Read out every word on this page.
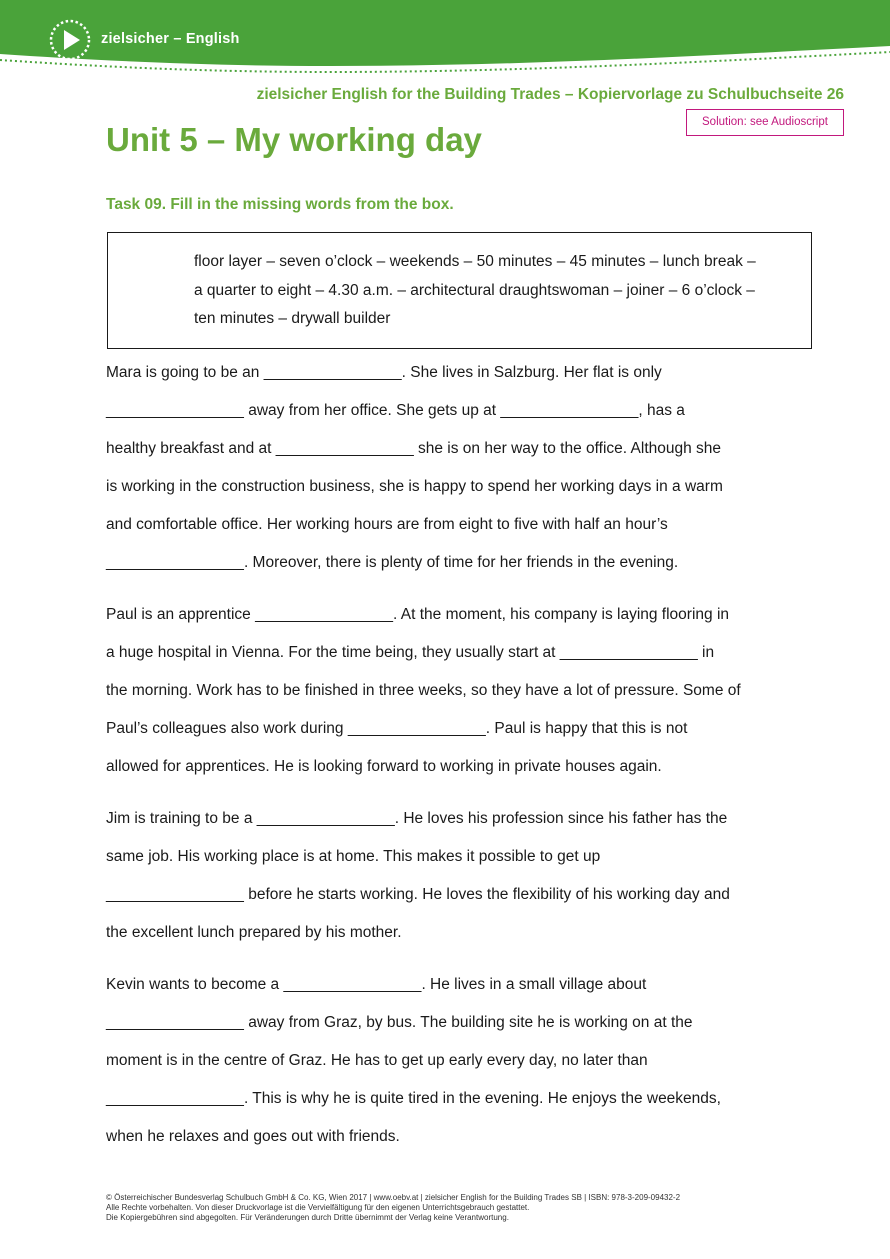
zielsicher – English
zielsicher English for the Building Trades – Kopiervorlage zu Schulbuchseite 26
Solution: see Audioscript
Unit 5 – My working day
Task 09. Fill in the missing words from the box.
floor layer – seven o’clock – weekends – 50 minutes – 45 minutes – lunch break –
a quarter to eight – 4.30 a.m. – architectural draughtswoman – joiner – 6 o’clock –
ten minutes – drywall builder
Mara is going to be an ________________. She lives in Salzburg. Her flat is only
________________ away from her office. She gets up at ________________, has a
healthy breakfast and at ________________ she is on her way to the office. Although she
is working in the construction business, she is happy to spend her working days in a warm
and comfortable office. Her working hours are from eight to five with half an hour’s
________________. Moreover, there is plenty of time for her friends in the evening.
Paul is an apprentice ________________. At the moment, his company is laying flooring in
a huge hospital in Vienna. For the time being, they usually start at ________________ in
the morning. Work has to be finished in three weeks, so they have a lot of pressure. Some of
Paul’s colleagues also work during ________________. Paul is happy that this is not
allowed for apprentices. He is looking forward to working in private houses again.
Jim is training to be a ________________. He loves his profession since his father has the
same job. His working place is at home. This makes it possible to get up
________________ before he starts working. He loves the flexibility of his working day and
the excellent lunch prepared by his mother.
Kevin wants to become a ________________. He lives in a small village about
________________ away from Graz, by bus. The building site he is working on at the
moment is in the centre of Graz. He has to get up early every day, no later than
________________. This is why he is quite tired in the evening. He enjoys the weekends,
when he relaxes and goes out with friends.
© Österreichischer Bundesverlag Schulbuch GmbH & Co. KG, Wien 2017 | www.oebv.at | zielsicher English for the Building Trades SB | ISBN: 978-3-209-09432-2
Alle Rechte vorbehalten. Von dieser Druckvorlage ist die Vervielfältigung für den eigenen Unterrichtsgebrauch gestattet.
Die Kopiergebühren sind abgegolten. Für Veränderungen durch Dritte übernimmt der Verlag keine Verantwortung.
